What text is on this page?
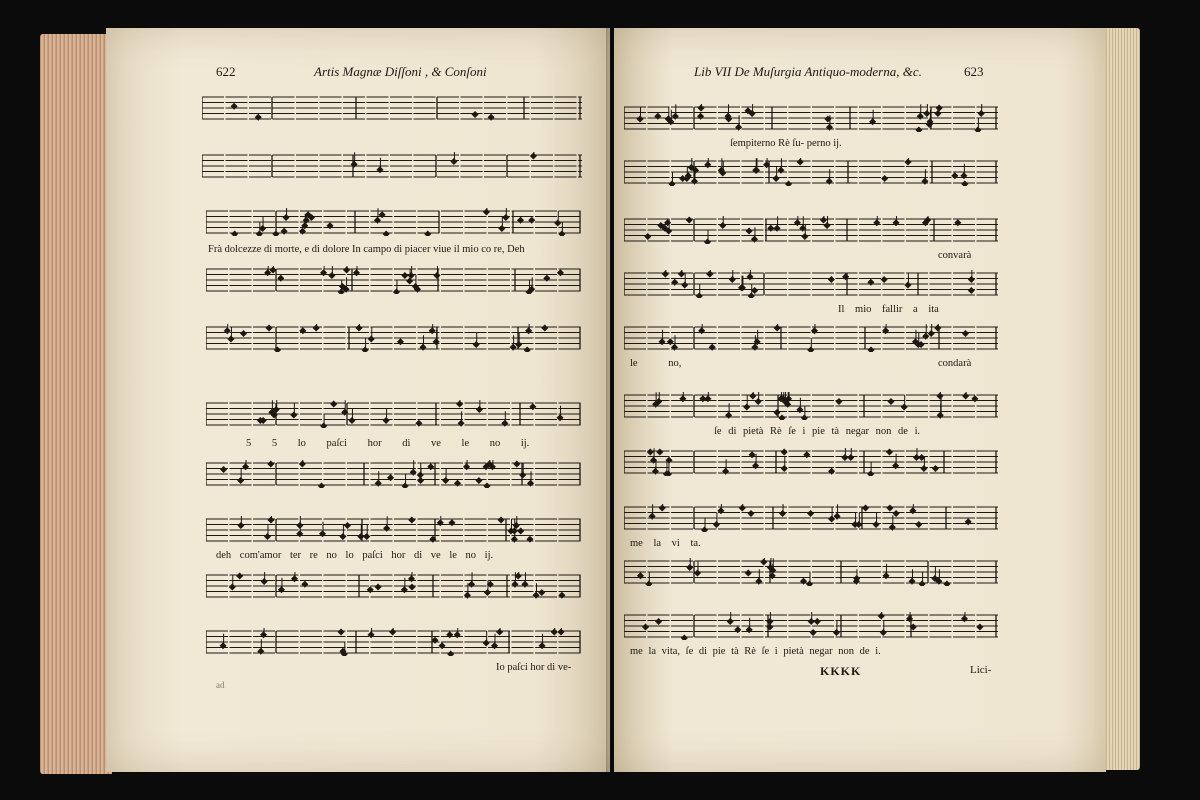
622	Artis Magnæ Diſſoni , & Conſoni
Frà dolcezze di morte, e di dolore In campo di piacer viue il mio co re, Deh
5 5 lo paſci hor di ve le no ij.
deh com'amor ter re no lo paſci hor di ve le no ij.
Io paſci hor di ve-
ad
Lib VII De Muſurgia Antiquo-moderna, &c.	623
ſempiterno Rè ſu- perno ij.
convarà
Il mio fallir a ita
le no,	condarà
ſe di pietà Rè ſe i pie tà negar non de i.
me la vi ta.
me la vita, ſe di pie tà Rè ſe i pietà negar non de i.
KKKK	Lici-
